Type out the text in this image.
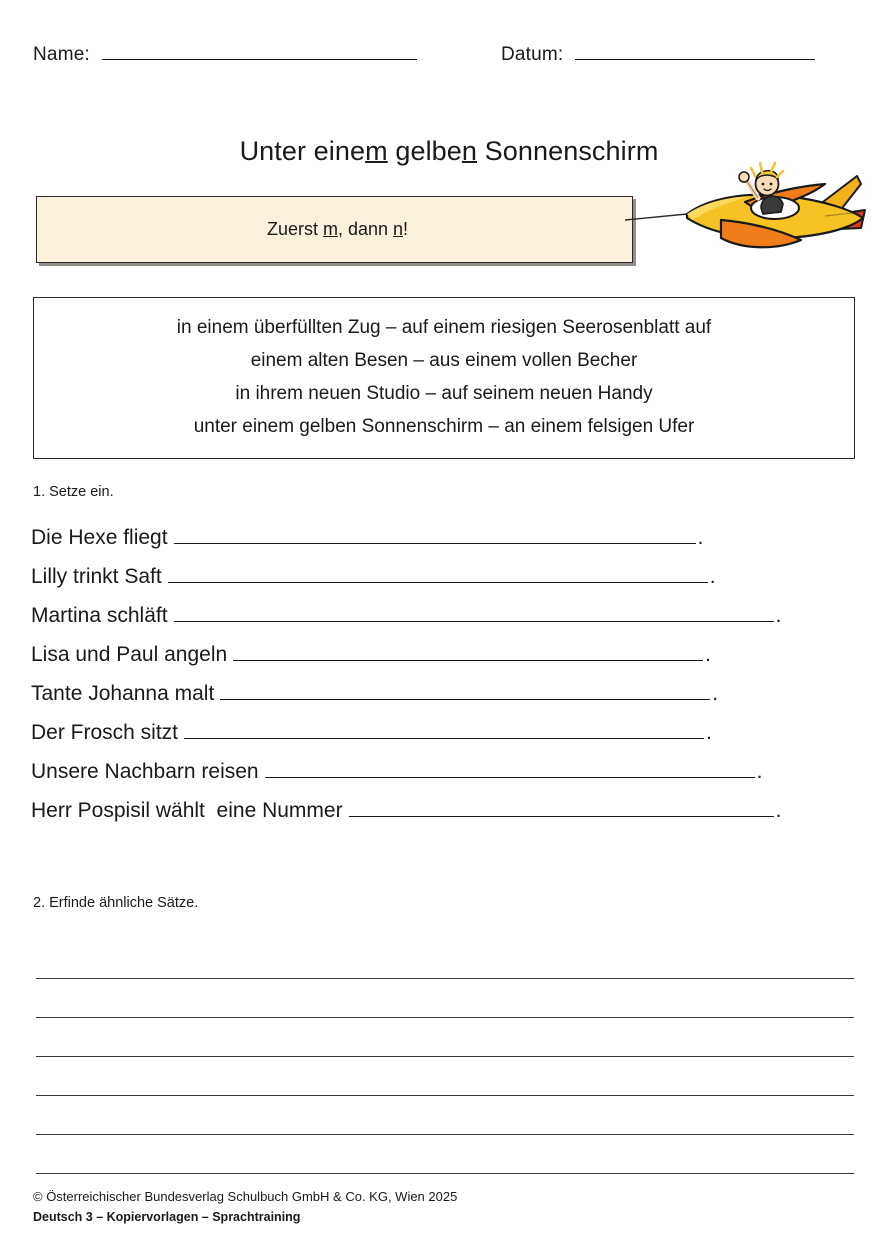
Name:	Datum:
Unter einem gelben Sonnenschirm
Zuerst m, dann n!
in einem überfüllten Zug – auf einem riesigen Seerosenblatt auf
einem alten Besen – aus einem vollen Becher
in ihrem neuen Studio – auf seinem neuen Handy
unter einem gelben Sonnenschirm – an einem felsigen Ufer
1. Setze ein.
Die Hexe fliegt	.
Lilly trinkt Saft	.
Martina schläft	.
Lisa und Paul angeln	.
Tante Johanna malt	.
Der Frosch sitzt	.
Unsere Nachbarn reisen	.
Herr Pospisil wählt  eine Nummer	.
2. Erfinde ähnliche Sätze.
© Österreichischer Bundesverlag Schulbuch GmbH & Co. KG, Wien 2025
Deutsch 3 – Kopiervorlagen – Sprachtraining
